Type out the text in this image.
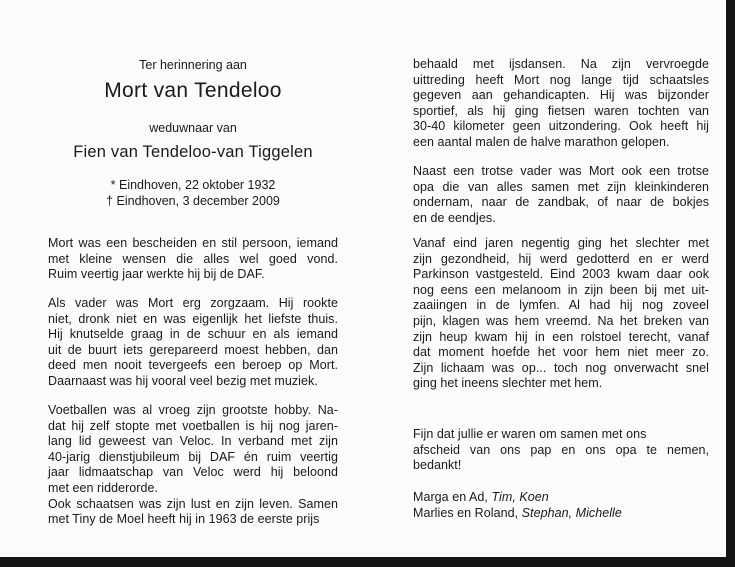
Ter herinnering aan
Mort van Tendeloo
weduwnaar van
Fien van Tendeloo-van Tiggelen
* Eindhoven, 22 oktober 1932
† Eindhoven, 3 december 2009

Mort was een bescheiden en stil persoon, iemand
met kleine wensen die alles wel goed vond.
Ruim veertig jaar werkte hij bij de DAF.

Als vader was Mort erg zorgzaam. Hij rookte
niet, dronk niet en was eigenlijk het liefste thuis.
Hij knutselde graag in de schuur en als iemand
uit de buurt iets gerepareerd moest hebben, dan
deed men nooit tevergeefs een beroep op Mort.
Daarnaast was hij vooral veel bezig met muziek.

Voetballen was al vroeg zijn grootste hobby. Na-
dat hij zelf stopte met voetballen is hij nog jaren-
lang lid geweest van Veloc. In verband met zijn
40-jarig dienstjubileum bij DAF én ruim veertig
jaar lidmaatschap van Veloc werd hij beloond
met een ridderorde.
Ook schaatsen was zijn lust en zijn leven. Samen
met Tiny de Moel heeft hij in 1963 de eerste prijs

behaald met ijsdansen. Na zijn vervroegde
uittreding heeft Mort nog lange tijd schaatsles
gegeven aan gehandicapten. Hij was bijzonder
sportief, als hij ging fietsen waren tochten van
30-40 kilometer geen uitzondering. Ook heeft hij
een aantal malen de halve marathon gelopen.

Naast een trotse vader was Mort ook een trotse
opa die van alles samen met zijn kleinkinderen
ondernam, naar de zandbak, of naar de bokjes
en de eendjes.

Vanaf eind jaren negentig ging het slechter met
zijn gezondheid, hij werd gedotterd en er werd
Parkinson vastgesteld. Eind 2003 kwam daar ook
nog eens een melanoom in zijn been bij met uit-
zaaiingen in de lymfen. Al had hij nog zoveel
pijn, klagen was hem vreemd. Na het breken van
zijn heup kwam hij in een rolstoel terecht, vanaf
dat moment hoefde het voor hem niet meer zo.
Zijn lichaam was op... toch nog onverwacht snel
ging het ineens slechter met hem.

Fijn dat jullie er waren om samen met ons
afscheid van ons pap en ons opa te nemen,
bedankt!

Marga en Ad, Tim, Koen
Marlies en Roland, Stephan, Michelle
